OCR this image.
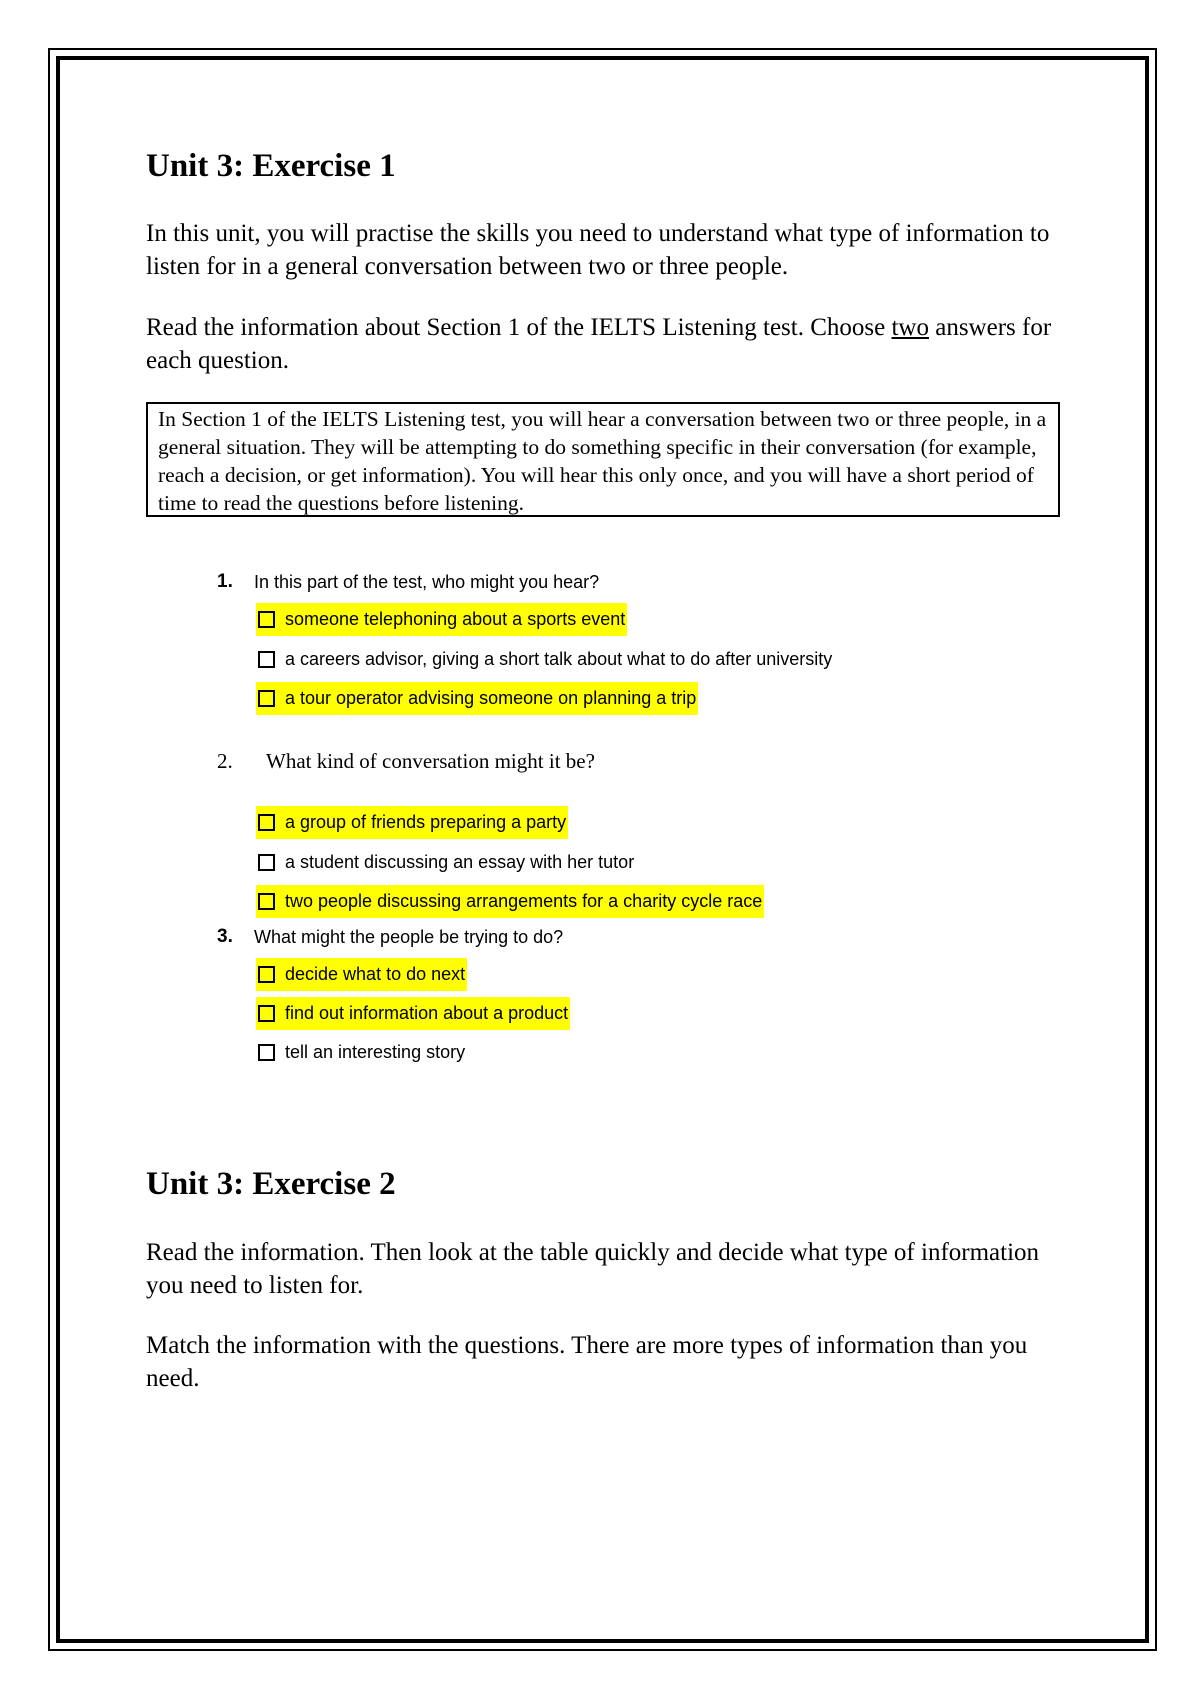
Unit 3: Exercise 1

In this unit, you will practise the skills you need to understand what type of information to listen for in a general conversation between two or three people.

Read the information about Section 1 of the IELTS Listening test. Choose two answers for each question.

In Section 1 of the IELTS Listening test, you will hear a conversation between two or three people, in a general situation. They will be attempting to do something specific in their conversation (for example, reach a decision, or get information). You will hear this only once, and you will have a short period of time to read the questions before listening.
1. In this part of the test, who might you hear?
someone telephoning about a sports event
a careers advisor, giving a short talk about what to do after university
a tour operator advising someone on planning a trip
2. What kind of conversation might it be?
a group of friends preparing a party
a student discussing an essay with her tutor
two people discussing arrangements for a charity cycle race
3. What might the people be trying to do?
decide what to do next
find out information about a product
tell an interesting story
Unit 3: Exercise 2

Read the information. Then look at the table quickly and decide what type of information you need to listen for.

Match the information with the questions. There are more types of information than you need.
